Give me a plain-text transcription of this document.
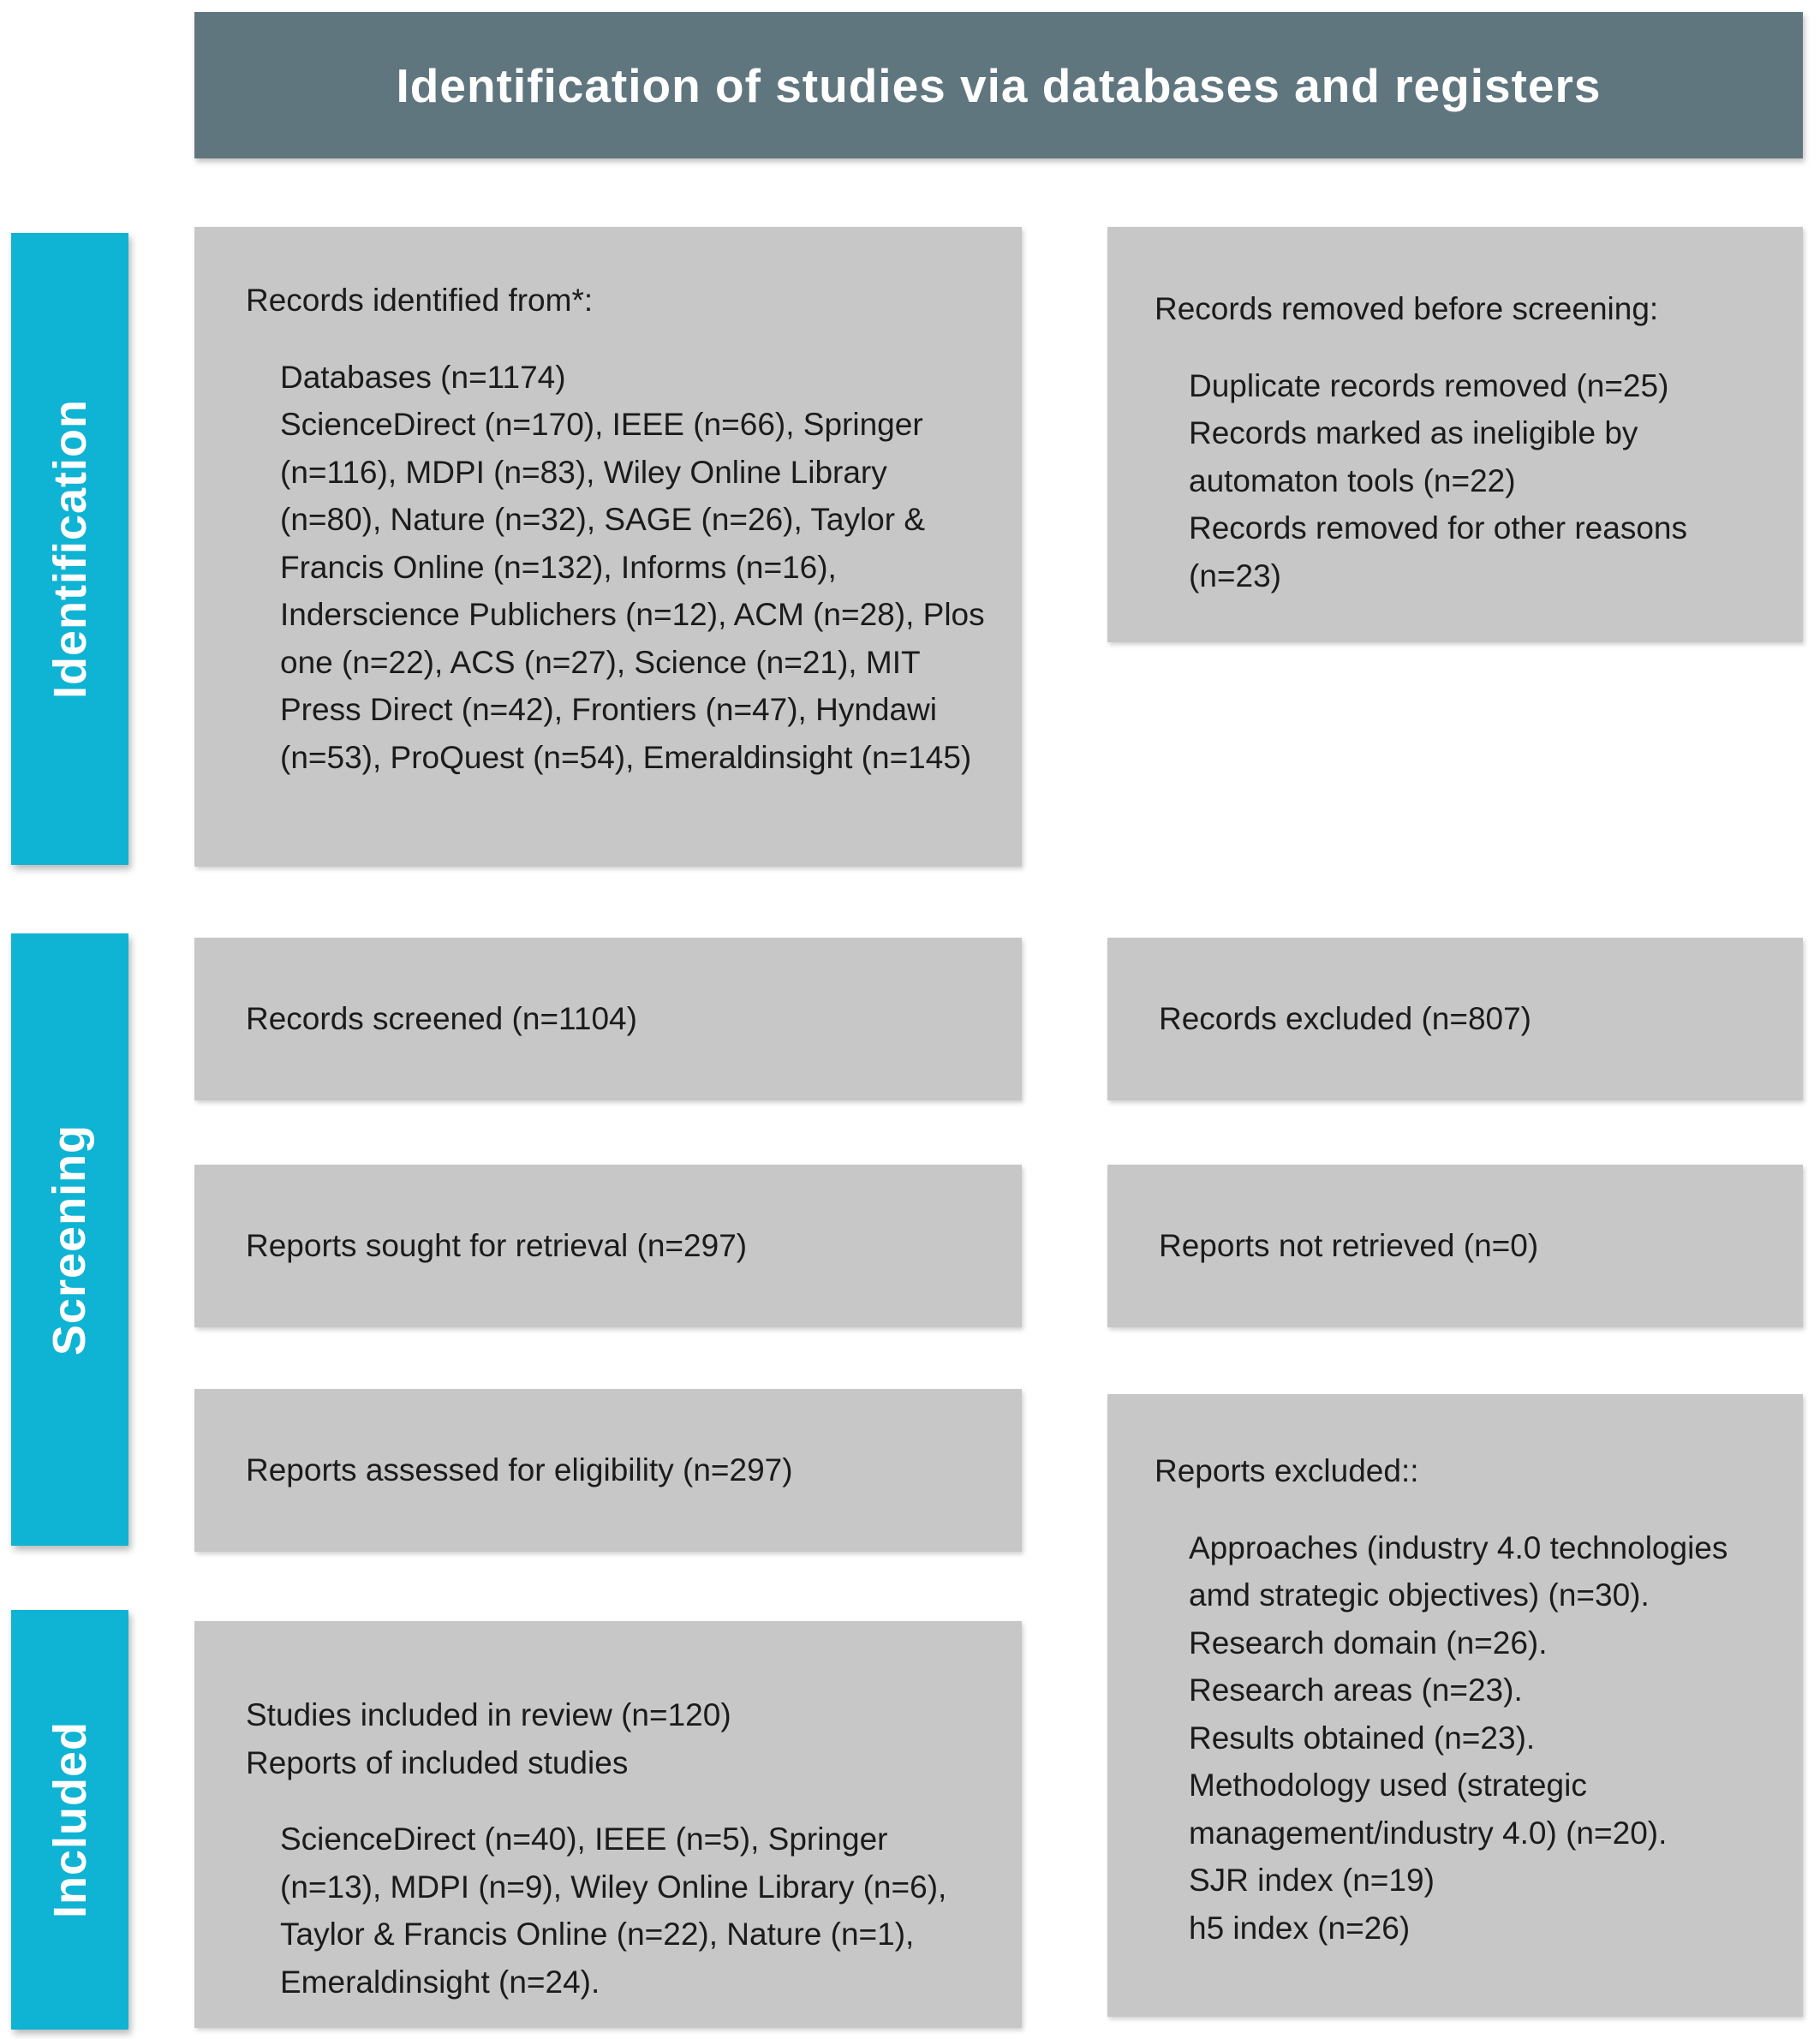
Identification of studies via databases and registers
Identification
Screening
Included

Records identified from*:

Databases (n=1174)

ScienceDirect (n=170), IEEE (n=66), Springer (n=116), MDPI (n=83), Wiley Online Library (n=80), Nature (n=32), SAGE (n=26), Taylor & Francis Online (n=132), Informs (n=16), Inderscience Publichers (n=12), ACM (n=28), Plos one (n=22), ACS (n=27), Science (n=21), MIT Press Direct (n=42), Frontiers (n=47), Hyndawi (n=53), ProQuest (n=54), Emeraldinsight (n=145)

Records removed before screening:

Duplicate records removed (n=25)

Records marked as ineligible by automaton tools (n=22)

Records removed for other reasons (n=23)

Records screened (n=1104)	Records excluded (n=807)

Reports sought for retrieval (n=297)	Reports not retrieved (n=0)

Reports assessed for eligibility (n=297)	Reports excluded::

Approaches (industry 4.0 technologies amd strategic objectives) (n=30).

Research domain (n=26).

Research areas (n=23).

Results obtained (n=23).

Methodology used (strategic management/industry 4.0) (n=20).

SJR index (n=19)

h5 index (n=26)

Studies included in review (n=120)

Reports of included studies

ScienceDirect (n=40), IEEE (n=5), Springer (n=13), MDPI (n=9), Wiley Online Library (n=6), Taylor & Francis Online (n=22), Nature (n=1), Emeraldinsight (n=24).
